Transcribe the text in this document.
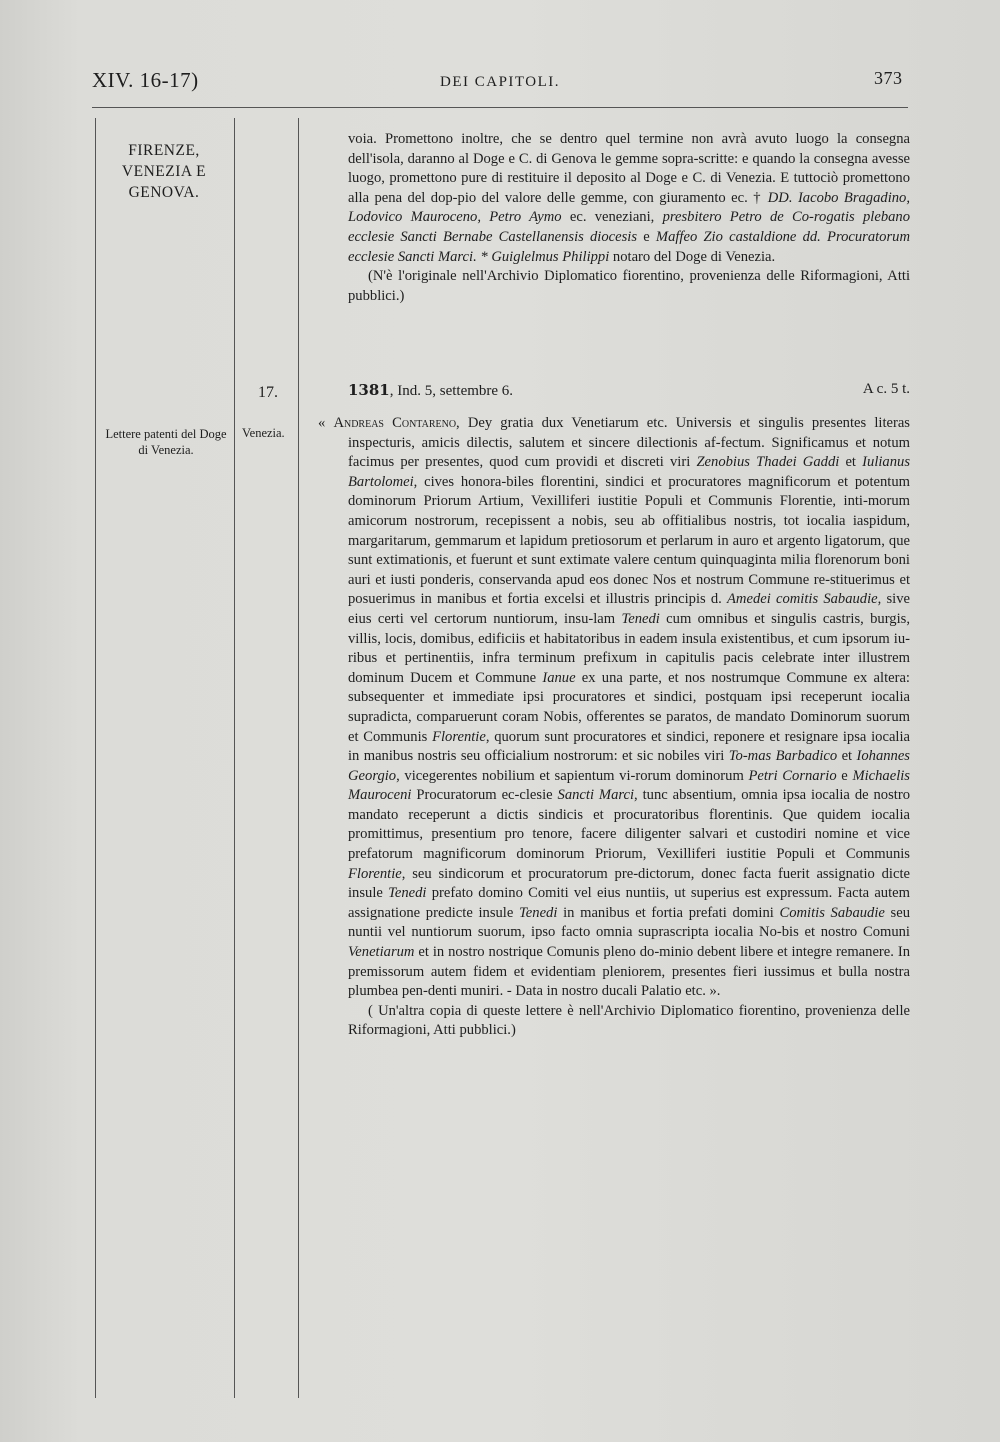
XIV. 16-17)	DEI CAPITOLI.	373
FIRENZE,
VENEZIA E
GENOVA.
17.
Lettere patenti del Doge di Venezia.
Venezia.

voia. Promettono inoltre, che se dentro quel termine non avrà avuto luogo la consegna dell'isola, daranno al Doge e C. di Genova le gemme sopra-scritte: e quando la consegna avesse luogo, promettono pure di restituire il deposito al Doge e C. di Venezia. E tuttociò promettono alla pena del dop-pio del valore delle gemme, con giuramento ec. † DD. Iacobo Bragadino, Lodovico Mauroceno, Petro Aymo ec. veneziani, presbitero Petro de Co-rogatis plebano ecclesie Sancti Bernabe Castellanensis diocesis e Maffeo Zio castaldione dd. Procuratorum ecclesie Sancti Marci. * Guiglelmus Philippi notaro del Doge di Venezia.

(N'è l'originale nell'Archivio Diplomatico fiorentino, provenienza delle Riformagioni, Atti pubblici.)

1381, Ind. 5, settembre 6.	A c. 5 t.

« Andreas Contareno, Dey gratia dux Venetiarum etc. Universis et singulis presentes literas inspecturis, amicis dilectis, salutem et sincere dilectionis af-fectum. Significamus et notum facimus per presentes, quod cum providi et discreti viri Zenobius Thadei Gaddi et Iulianus Bartolomei, cives honora-biles florentini, sindici et procuratores magnificorum et potentum dominorum Priorum Artium, Vexilliferi iustitie Populi et Communis Florentie, inti-morum amicorum nostrorum, recepissent a nobis, seu ab offitialibus nostris, tot iocalia iaspidum, margaritarum, gemmarum et lapidum pretiosorum et perlarum in auro et argento ligatorum, que sunt extimationis, et fuerunt et sunt extimate valere centum quinquaginta milia florenorum boni auri et iusti ponderis, conservanda apud eos donec Nos et nostrum Commune re-stituerimus et posuerimus in manibus et fortia excelsi et illustris principis d. Amedei comitis Sabaudie, sive eius certi vel certorum nuntiorum, insu-lam Tenedi cum omnibus et singulis castris, burgis, villis, locis, domibus, edificiis et habitatoribus in eadem insula existentibus, et cum ipsorum iu-ribus et pertinentiis, infra terminum prefixum in capitulis pacis celebrate inter illustrem dominum Ducem et Commune Ianue ex una parte, et nos nostrumque Commune ex altera: subsequenter et immediate ipsi procuratores et sindici, postquam ipsi receperunt iocalia supradicta, comparuerunt coram Nobis, offerentes se paratos, de mandato Dominorum suorum et Communis Florentie, quorum sunt procuratores et sindici, reponere et resignare ipsa iocalia in manibus nostris seu officialium nostrorum: et sic nobiles viri To-mas Barbadico et Iohannes Georgio, vicegerentes nobilium et sapientum vi-rorum dominorum Petri Cornario e Michaelis Mauroceni Procuratorum ec-clesie Sancti Marci, tunc absentium, omnia ipsa iocalia de nostro mandato receperunt a dictis sindicis et procuratoribus florentinis. Que quidem iocalia promittimus, presentium pro tenore, facere diligenter salvari et custodiri nomine et vice prefatorum magnificorum dominorum Priorum, Vexilliferi iustitie Populi et Communis Florentie, seu sindicorum et procuratorum pre-dictorum, donec facta fuerit assignatio dicte insule Tenedi prefato domino Comiti vel eius nuntiis, ut superius est expressum. Facta autem assignatione predicte insule Tenedi in manibus et fortia prefati domini Comitis Sabaudie seu nuntii vel nuntiorum suorum, ipso facto omnia suprascripta iocalia No-bis et nostro Comuni Venetiarum et in nostro nostrique Comunis pleno do-minio debent libere et integre remanere. In premissorum autem fidem et evidentiam pleniorem, presentes fieri iussimus et bulla nostra plumbea pen-denti muniri. - Data in nostro ducali Palatio etc. ».

( Un'altra copia di queste lettere è nell'Archivio Diplomatico fiorentino, provenienza delle Riformagioni, Atti pubblici.)
